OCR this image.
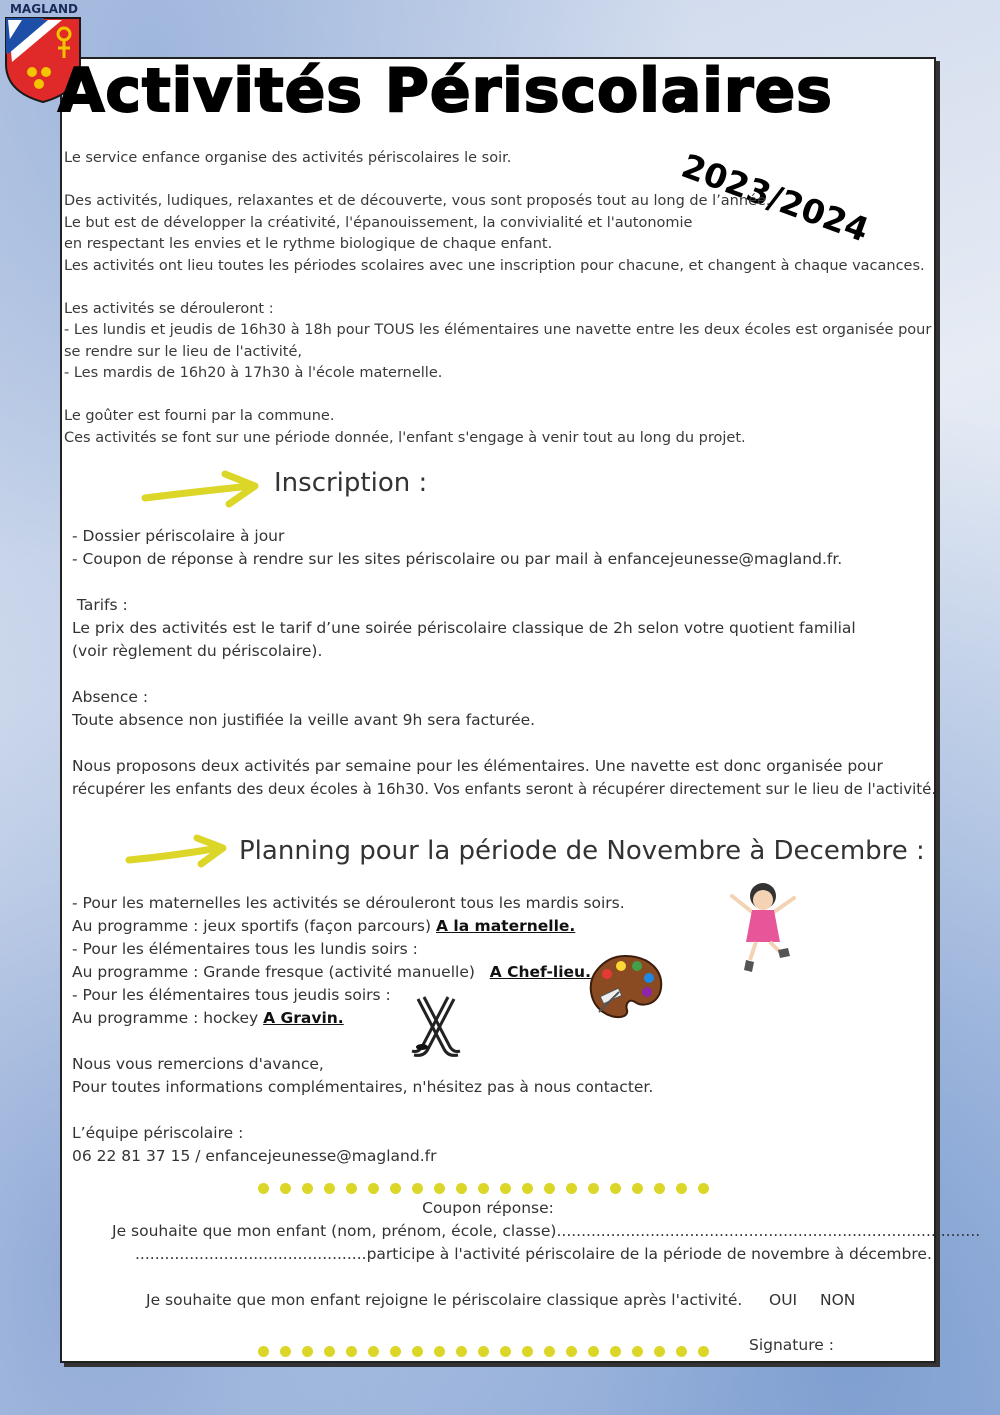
MAGLAND
Activités Périscolaires
2023/2024
Le service enfance organise des activités périscolaires le soir.

Des activités, ludiques, relaxantes et de découverte, vous sont proposés tout au long de l’année.
Le but est de développer la créativité, l'épanouissement, la convivialité et l'autonomie
en respectant les envies et le rythme biologique de chaque enfant.
Les activités ont lieu toutes les périodes scolaires avec une inscription pour chacune, et changent à chaque vacances.

Les activités se dérouleront :
- Les lundis et jeudis de 16h30 à 18h pour TOUS les élémentaires une navette entre les deux écoles est organisée pour
se rendre sur le lieu de l'activité,
- Les mardis de 16h20 à 17h30 à l'école maternelle.

Le goûter est fourni par la commune.
Ces activités se font sur une période donnée, l'enfant s'engage à venir tout au long du projet.
Inscription :
- Dossier périscolaire à jour
- Coupon de réponse à rendre sur les sites périscolaire ou par mail à enfancejeunesse@magland.fr.

Tarifs :
Le prix des activités est le tarif d’une soirée périscolaire classique de 2h selon votre quotient familial
(voir règlement du périscolaire).

Absence :
Toute absence non justifiée la veille avant 9h sera facturée.

Nous proposons deux activités par semaine pour les élémentaires. Une navette est donc organisée pour
récupérer les enfants des deux écoles à 16h30. Vos enfants seront à récupérer directement sur le lieu de l'activité.
Planning pour la période de Novembre à Decembre :
- Pour les maternelles les activités se dérouleront tous les mardis soirs.
Au programme : jeux sportifs (façon parcours) A la maternelle.
- Pour les élémentaires tous les lundis soirs :
Au programme : Grande fresque (activité manuelle)   A Chef-lieu.
- Pour les élémentaires tous jeudis soirs :
Au programme : hockey A Gravin.

Nous vous remercions d'avance,
Pour toutes informations complémentaires, n'hésitez pas à nous contacter.

L’équipe périscolaire :
06 22 81 37 15 / enfancejeunesse@magland.fr
Coupon réponse:
Je souhaite que mon enfant (nom, prénom, école, classe)......................................................................................
...............................................participe à l'activité périscolaire de la période de novembre à décembre.
Je souhaite que mon enfant rejoigne le périscolaire classique après l'activité. OUI NON
Signature :
